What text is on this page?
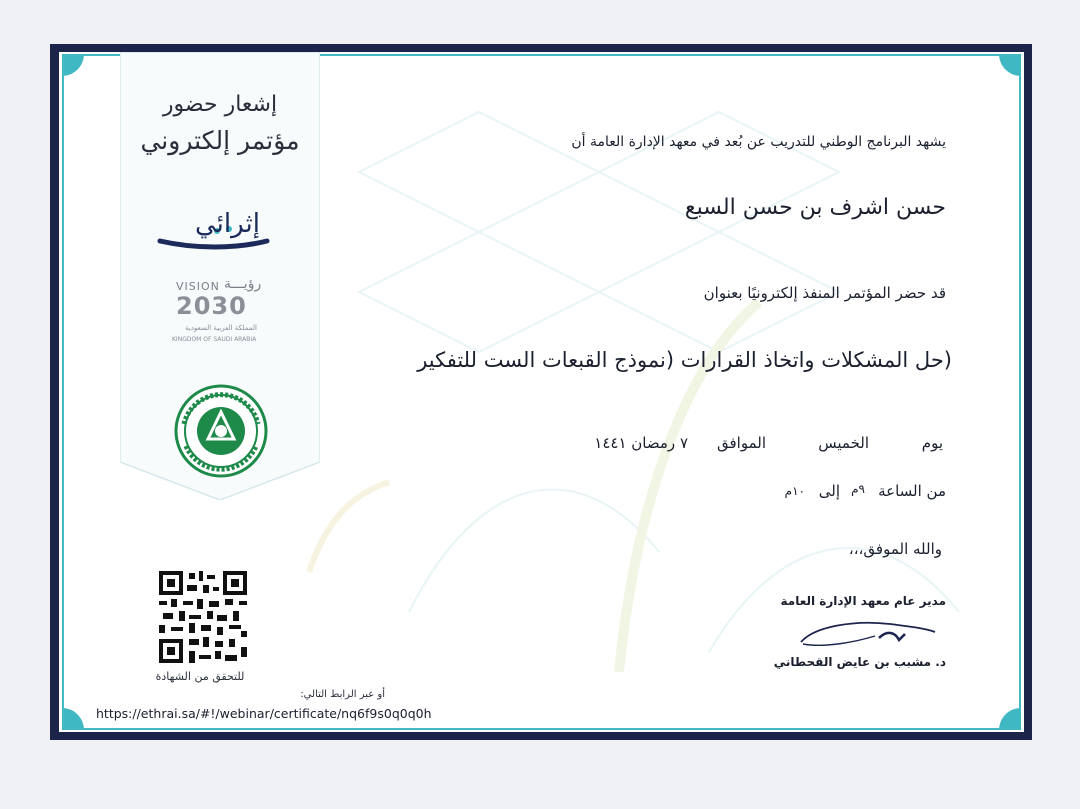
إشعار حضور
مؤتمر إلكتروني
إثرائي
VISION رؤيـــة
2030
المملكة العربية السعودية
KINGDOM OF SAUDI ARABIA
يشهد البرنامج الوطني للتدريب عن بُعد في معهد الإدارة العامة أن
حسن اشرف بن حسن السبع
قد حضر المؤتمر المنفذ إلكترونيًا بعنوان
(حل المشكلات واتخاذ القرارات (نموذج القبعات الست للتفكير
يوم
الخميس
الموافق
٧ رمضان ١٤٤١
من الساعة
٩م
إلى
١٠م
والله الموفق،،،
مدير عام معهد الإدارة العامة
د. مشبب بن عايض القحطاني
للتحقق من الشهادة
أو عبر الرابط التالي:
https://ethrai.sa/#!/webinar/certificate/nq6f9s0q0q0h
